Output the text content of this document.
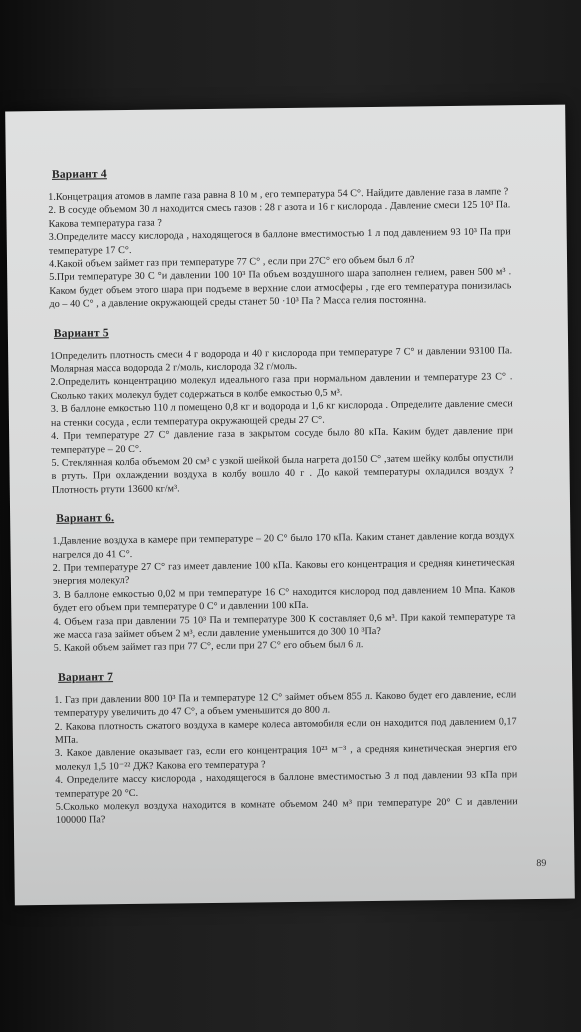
Вариант 4

1.Концетрация атомов в лампе газа равна 8 10 м , его температура 54 С°. Найдите давление газа в лампе ?

2. В сосуде объемом 30 л находится смесь газов : 28 г азота и 16 г кислорода . Давление смеси 125 10³ Па. Какова температура газа ?

3.Определите массу кислорода , находящегося в баллоне вместимостью 1 л под давлением 93 10³ Па при температуре 17 С°.

4.Какой объем займет газ при температуре 77 С° , если при 27С° его объем был 6 л?

5.При температуре 30 С °и давлении 100 10³ Па объем воздушного шара заполнен гелием, равен 500 м³ . Каком будет объем этого шара при подъеме в верхние слои атмосферы , где его температура понизилась до – 40 С° , а давление окружающей среды станет 50 ·10³ Па ? Масса гелия постоянна.

Вариант 5

1Определить плотность смеси 4 г водорода и 40 г кислорода при температуре 7 С° и давлении 93100 Па. Молярная масса водорода 2 г/моль, кислорода 32 г/моль.

2.Определить концентрацию молекул идеального газа при нормальном давлении и температуре 23 С° . Сколько таких молекул будет содержаться в колбе емкостью 0,5 м³.

3. В баллоне емкостью 110 л помещено 0,8 кг и водорода и 1,6 кг кислорода . Определите давление смеси на стенки сосуда , если температура окружающей среды 27 С°.

4. При температуре 27 С° давление газа в закрытом сосуде было 80 кПа. Каким будет давление при температуре – 20 С°.

5. Стеклянная колба объемом 20 см³ с узкой шейкой была нагрета до150 С° ,затем шейку колбы опустили в ртуть. При охлаждении воздуха в колбу вошло 40 г . До какой температуры охладился воздух ? Плотность ртути 13600 кг/м³.

Вариант 6.

1.Давление воздуха в камере при температуре – 20 С° было 170 кПа. Каким станет давление когда воздух нагрелся до 41 С°.

2. При температуре 27 С° газ имеет давление 100 кПа. Каковы его концентрация и средняя кинетическая энергия молекул?

3. В баллоне емкостью 0,02 м при температуре 16 С° находится кислород под давлением 10 Мпа. Каков будет его объем при температуре 0 С° и давлении 100 кПа.

4. Объем газа при давлении 75 10³ Па и температуре 300 К составляет 0,6 м³. При какой температуре та же масса газа займет объем 2 м³, если давление уменьшится до 300 10 ³Па?

5. Какой объем займет газ при 77 С°, если при 27 С° его объем был 6 л.

Вариант 7

1. Газ при давлении 800 10³ Па и температуре 12 С° займет объем 855 л. Каково будет его давление, если температуру увеличить до 47 С°, а объем уменьшится до 800 л.

2. Какова плотность сжатого воздуха в камере колеса автомобиля если он находится под давлением 0,17 МПа.

3. Какое давление оказывает газ, если его концентрация 10²³ м⁻³ , а средняя кинетическая энергия его молекул 1,5 10⁻²² ДЖ? Какова его температура ?

4. Определите массу кислорода , находящегося в баллоне вместимостью 3 л под давлении 93 кПа при температуре 20 °С.

5.Сколько молекул воздуха находится в комнате объемом 240 м³ при температуре 20° С и давлении 100000 Па?

89
